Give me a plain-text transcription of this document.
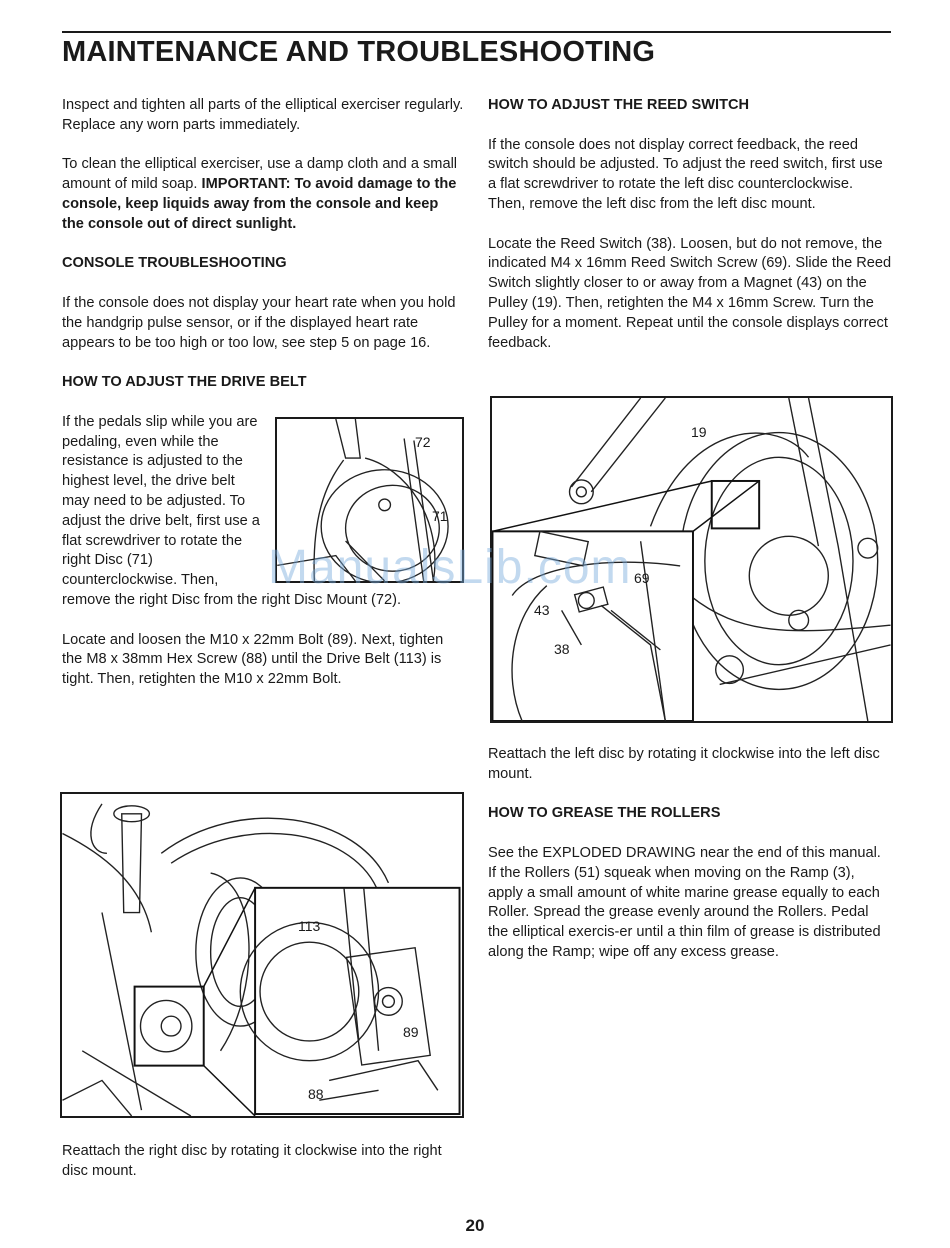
MAINTENANCE AND TROUBLESHOOTING

Inspect and tighten all parts of the elliptical exerciser regularly. Replace any worn parts immediately.

To clean the elliptical exerciser, use a damp cloth and a small amount of mild soap. IMPORTANT: To avoid damage to the console, keep liquids away from the console and keep the console out of direct sunlight.

CONSOLE TROUBLESHOOTING

If the console does not display your heart rate when you hold the handgrip pulse sensor, or if the displayed heart rate appears to be too high or too low, see step 5 on page 16.

HOW TO ADJUST THE DRIVE BELT
72
71

If the pedals slip while you are pedaling, even while the resistance is adjusted to the highest level, the drive belt may need to be adjusted. To adjust the drive belt, first use a flat screwdriver to rotate the right Disc (71) counterclockwise. Then, remove the right Disc from the right Disc Mount (72).

Locate and loosen the M10 x 22mm Bolt (89). Next, tighten the M8 x 38mm Hex Screw (88) until the Drive Belt (113) is tight. Then, retighten the M10 x 22mm Bolt.

113
89
88

Reattach the right disc by rotating it clockwise into the right disc mount.

HOW TO ADJUST THE REED SWITCH

If the console does not display correct feedback, the reed switch should be adjusted. To adjust the reed switch, first use a flat screwdriver to rotate the left disc counterclockwise. Then, remove the left disc from the left disc mount.

Locate the Reed Switch (38). Loosen, but do not remove, the indicated M4 x 16mm Reed Switch Screw (69). Slide the Reed Switch slightly closer to or away from a Magnet (43) on the Pulley (19). Then, retighten the M4 x 16mm Screw. Turn the Pulley for a moment. Repeat until the console displays correct feedback.

19
69
43
38

Reattach the left disc by rotating it clockwise into the left disc mount.

HOW TO GREASE THE ROLLERS

See the EXPLODED DRAWING near the end of this manual. If the Rollers (51) squeak when moving on the Ramp (3), apply a small amount of white marine grease equally to each Roller. Spread the grease evenly around the Rollers. Pedal the elliptical exercis-er until a thin film of grease is distributed along the Ramp; wipe off any excess grease.

ManualsLib.com
20
